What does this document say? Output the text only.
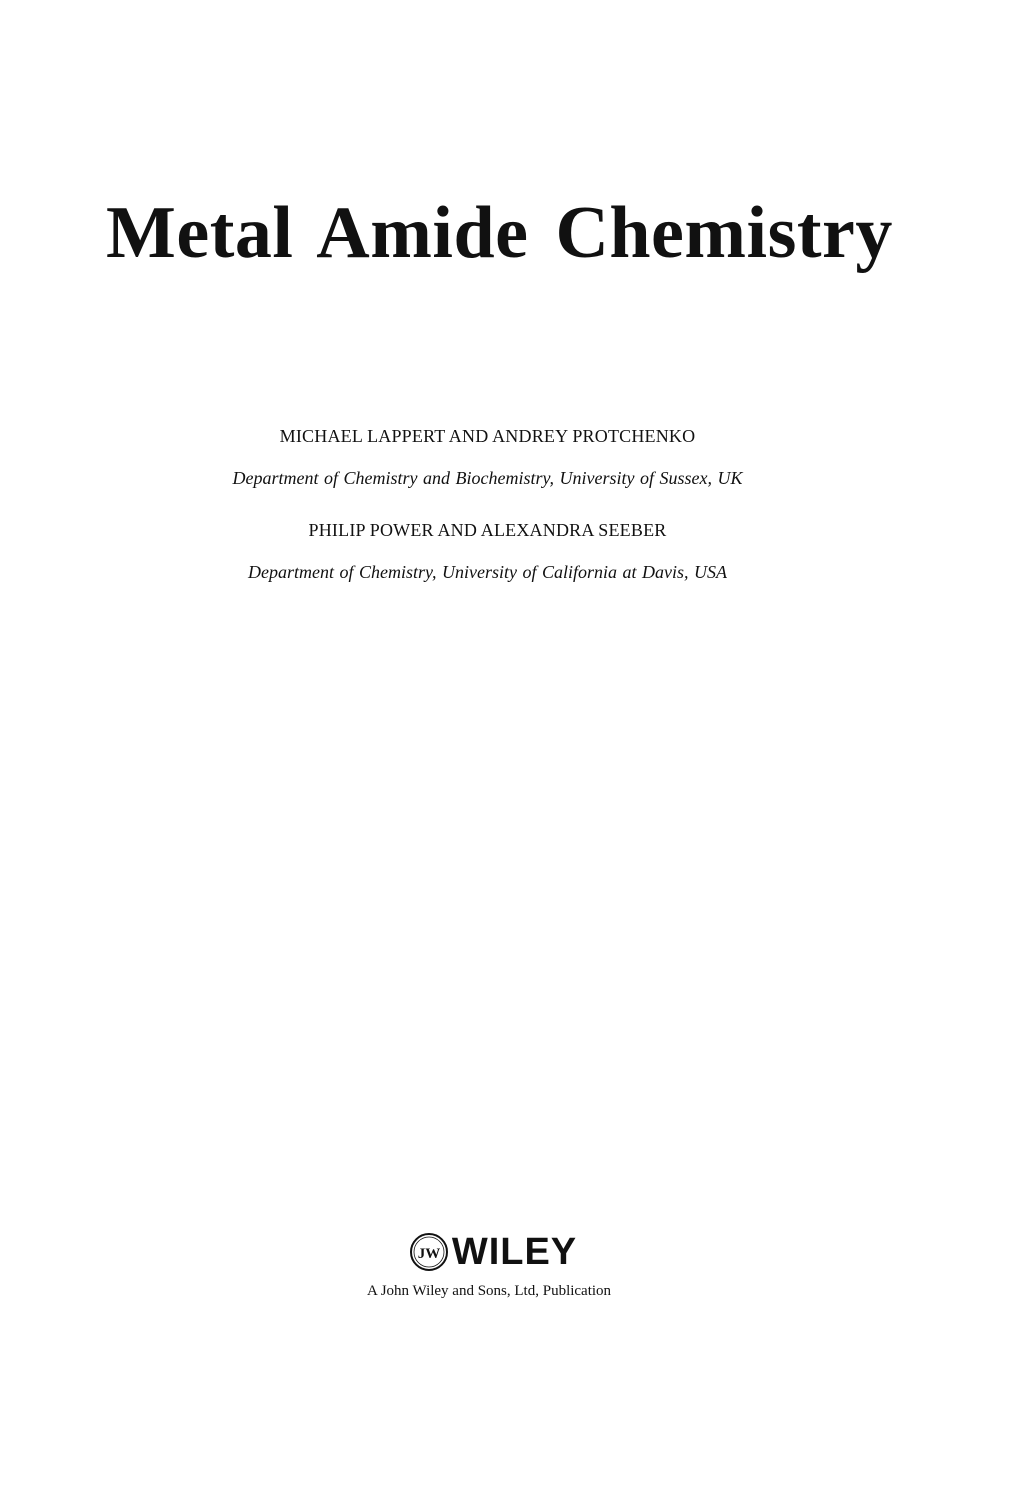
Metal Amide Chemistry

MICHAEL LAPPERT AND ANDREY PROTCHENKO

Department of Chemistry and Biochemistry, University of Sussex, UK

PHILIP POWER AND ALEXANDRA SEEBER

Department of Chemistry, University of California at Davis, USA

JW WILEY
A John Wiley and Sons, Ltd, Publication
